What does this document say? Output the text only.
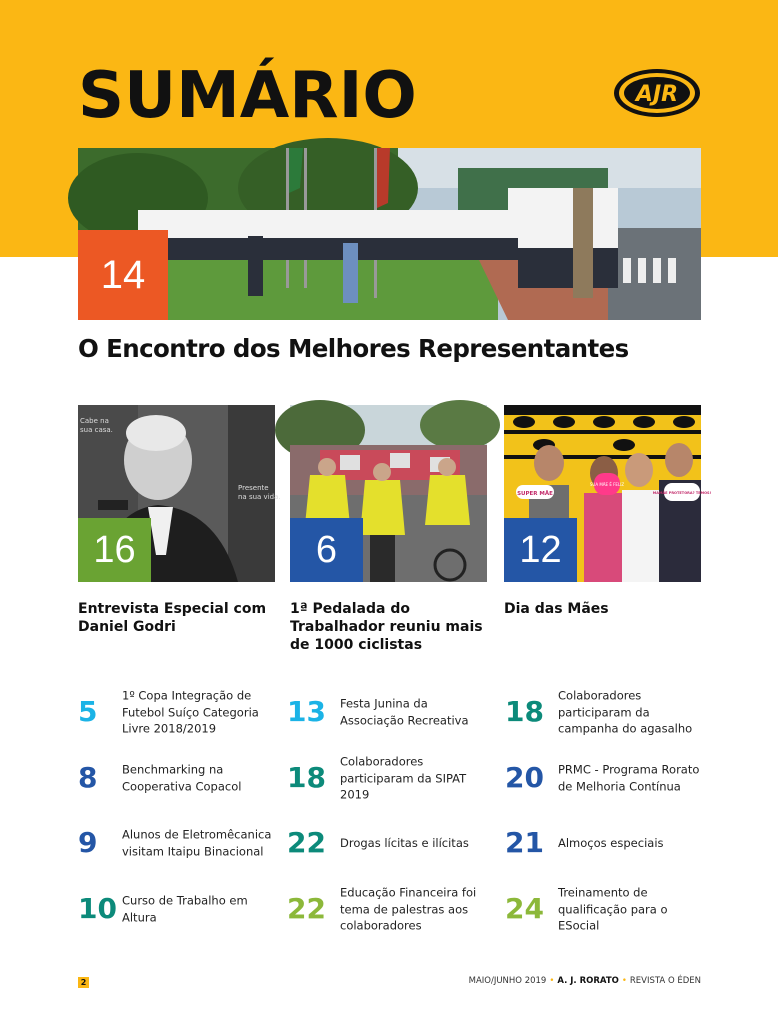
SUMÁRIO	AJR
14
O Encontro dos Melhores Representantes
Presente
na sua vida.
Cabe na
sua casa.
16	6
SUPER MÃE
SUA MÃE É FELIZ
MAMÃE PROTETORA? TEMOS!
12
Entrevista Especial com Daniel Godri
1ª Pedalada do Trabalhador reuniu mais de 1000 ciclistas
Dia das Mães
5 1º Copa Integração de Futebol Suíço Categoria Livre 2018/2019
8 Benchmarking na Cooperativa Copacol
9 Alunos de Eletromêcanica visitam Itaipu Binacional
10 Curso de Trabalho em Altura
13 Festa Junina da Associação Recreativa
18 Colaboradores participaram da SIPAT 2019
22 Drogas lícitas e ilícitas
22 Educação Financeira foi tema de palestras aos colaboradores
18 Colaboradores participaram da campanha do agasalho
20 PRMC - Programa Rorato de Melhoria Contínua
21 Almoços especiais
24 Treinamento de qualificação para o ESocial
2	MAIO/JUNHO 2019 • A. J. RORATO • REVISTA O ÉDEN
